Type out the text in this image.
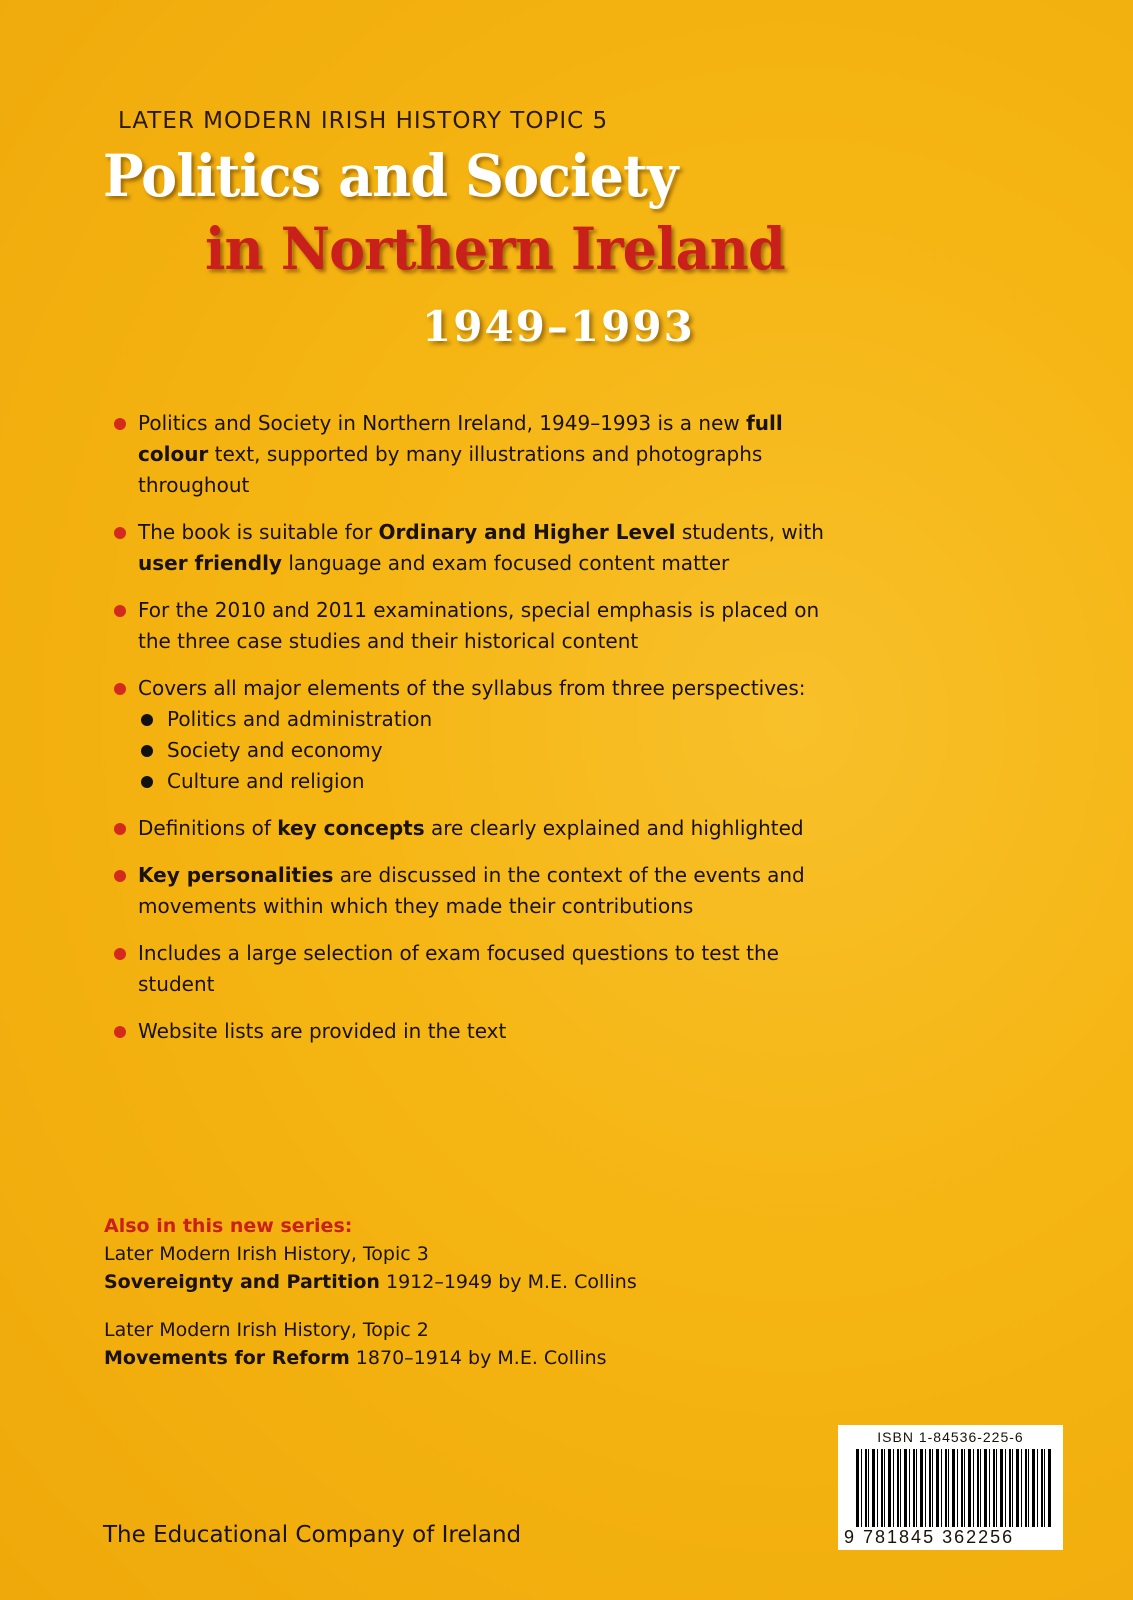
LATER MODERN IRISH HISTORY TOPIC 5
Politics and Society
in Northern Ireland
1949–1993
Politics and Society in Northern Ireland, 1949–1993 is a new full colour text, supported by many illustrations and photographs throughout
The book is suitable for Ordinary and Higher Level students, with user friendly language and exam focused content matter
For the 2010 and 2011 examinations, special emphasis is placed on the three case studies and their historical content
Covers all major elements of the syllabus from three perspectives:
Politics and administration
Society and economy
Culture and religion
Definitions of key concepts are clearly explained and highlighted
Key personalities are discussed in the context of the events and movements within which they made their contributions
Includes a large selection of exam focused questions to test the student
Website lists are provided in the text
Also in this new series:
Later Modern Irish History, Topic 3
Sovereignty and Partition 1912–1949 by M.E. Collins
Later Modern Irish History, Topic 2
Movements for Reform 1870–1914 by M.E. Collins
The Educational Company of Ireland
ISBN 1-84536-225-6
9 781845 362256
